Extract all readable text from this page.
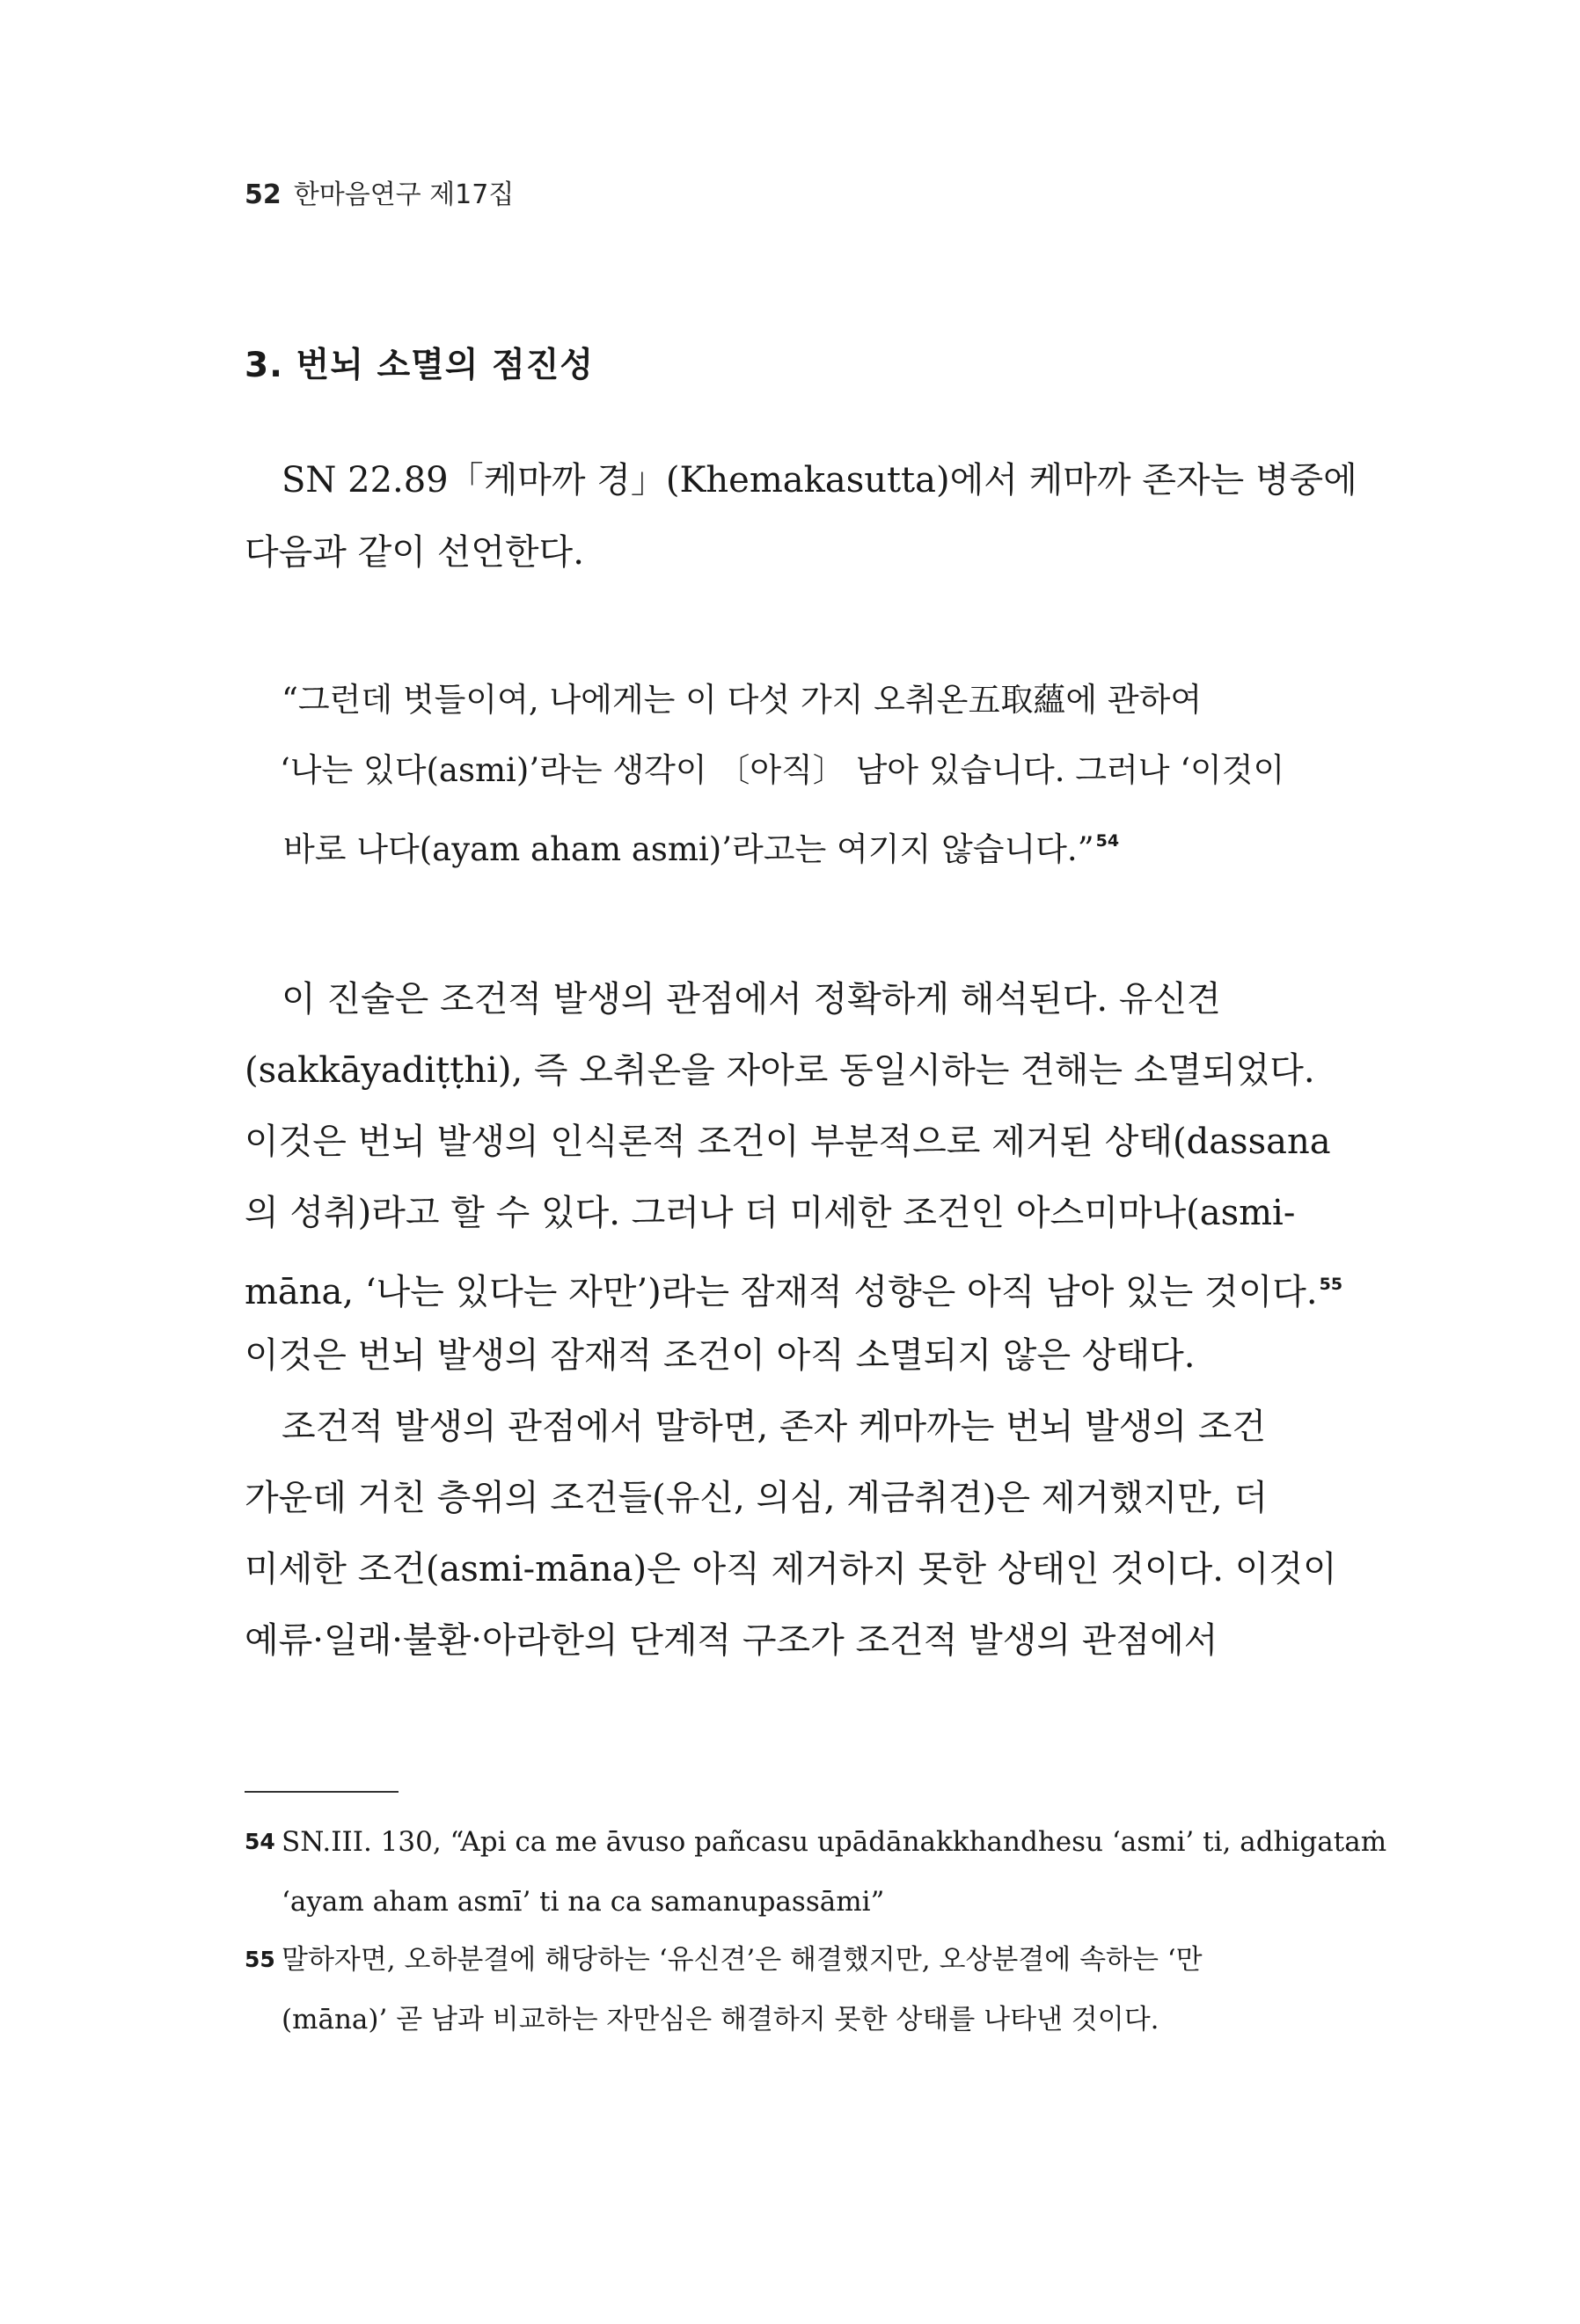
52 한마음연구 제17집
3. 번뇌 소멸의 점진성
SN 22.89「케마까 경」(Khemakasutta)에서 케마까 존자는 병중에
다음과 같이 선언한다.
“그런데 벗들이여, 나에게는 이 다섯 가지 오취온五取蘊에 관하여
‘나는 있다(asmi)’라는 생각이 〔아직〕 남아 있습니다. 그러나 ‘이것이
바로 나다(ayam aham asmi)’라고는 여기지 않습니다.” $^{54}$
이 진술은 조건적 발생의 관점에서 정확하게 해석된다. 유신견
(sakkāyadiṭṭhi), 즉 오취온을 자아로 동일시하는 견해는 소멸되었다.
이것은 번뇌 발생의 인식론적 조건이 부분적으로 제거된 상태(dassana
의 성취)라고 할 수 있다. 그러나 더 미세한 조건인 아스미마나(asmi-
māna, ‘나는 있다는 자만’)라는 잠재적 성향은 아직 남아 있는 것이다. $^{55}$
이것은 번뇌 발생의 잠재적 조건이 아직 소멸되지 않은 상태다.
조건적 발생의 관점에서 말하면, 존자 케마까는 번뇌 발생의 조건
가운데 거친 층위의 조건들(유신, 의심, 계금취견)은 제거했지만, 더
미세한 조건(asmi-māna)은 아직 제거하지 못한 상태인 것이다. 이것이
예류·일래·불환·아라한의 단계적 구조가 조건적 발생의 관점에서
54 SN.III. 130, “Api ca me āvuso pañcasu upādānakkhandhesu ‘asmi’ ti, adhigataṁ
‘ayam aham asmī’ ti na ca samanupassāmi”
55 말하자면, 오하분결에 해당하는 ‘유신견’은 해결했지만, 오상분결에 속하는 ‘만
(māna)’ 곧 남과 비교하는 자만심은 해결하지 못한 상태를 나타낸 것이다.
